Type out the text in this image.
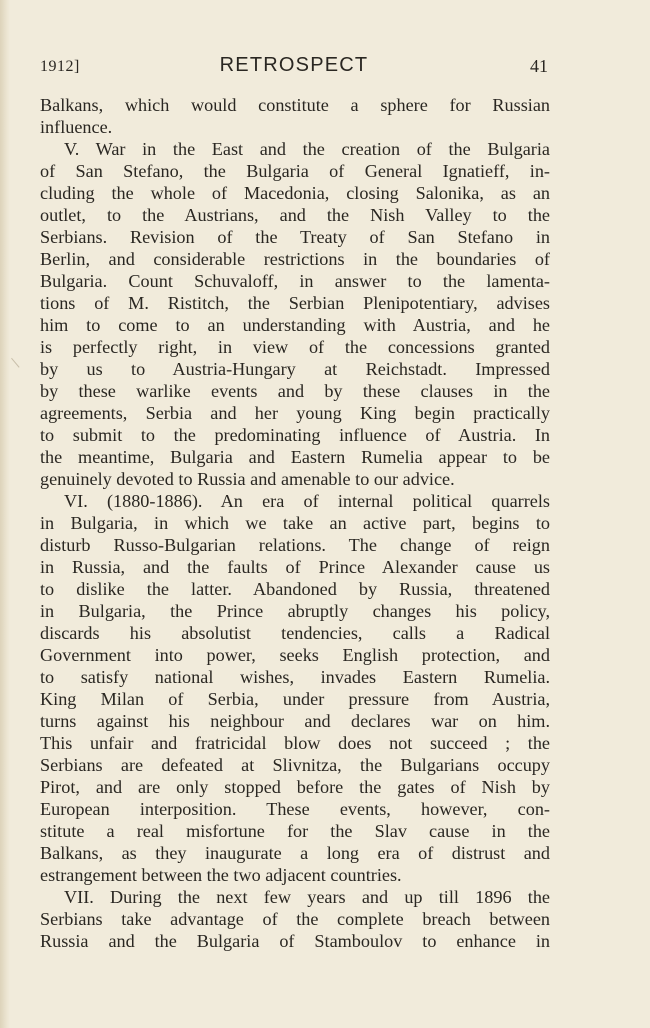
1912]	RETROSPECT	41
Balkans, which would constitute a sphere for Russian
influence.
V. War in the East and the creation of the Bulgaria
of San Stefano, the Bulgaria of General Ignatieff, in-
cluding the whole of Macedonia, closing Salonika, as an
outlet, to the Austrians, and the Nish Valley to the
Serbians. Revision of the Treaty of San Stefano in
Berlin, and considerable restrictions in the boundaries of
Bulgaria. Count Schuvaloff, in answer to the lamenta-
tions of M. Ristitch, the Serbian Plenipotentiary, advises
him to come to an understanding with Austria, and he
is perfectly right, in view of the concessions granted
by us to Austria-Hungary at Reichstadt. Impressed
by these warlike events and by these clauses in the
agreements, Serbia and her young King begin practically
to submit to the predominating influence of Austria. In
the meantime, Bulgaria and Eastern Rumelia appear to be
genuinely devoted to Russia and amenable to our advice.
VI. (1880-1886). An era of internal political quarrels
in Bulgaria, in which we take an active part, begins to
disturb Russo-Bulgarian relations. The change of reign
in Russia, and the faults of Prince Alexander cause us
to dislike the latter. Abandoned by Russia, threatened
in Bulgaria, the Prince abruptly changes his policy,
discards his absolutist tendencies, calls a Radical
Government into power, seeks English protection, and
to satisfy national wishes, invades Eastern Rumelia.
King Milan of Serbia, under pressure from Austria,
turns against his neighbour and declares war on him.
This unfair and fratricidal blow does not succeed ; the
Serbians are defeated at Slivnitza, the Bulgarians occupy
Pirot, and are only stopped before the gates of Nish by
European interposition. These events, however, con-
stitute a real misfortune for the Slav cause in the
Balkans, as they inaugurate a long era of distrust and
estrangement between the two adjacent countries.
VII. During the next few years and up till 1896 the
Serbians take advantage of the complete breach between
Russia and the Bulgaria of Stamboulov to enhance in
